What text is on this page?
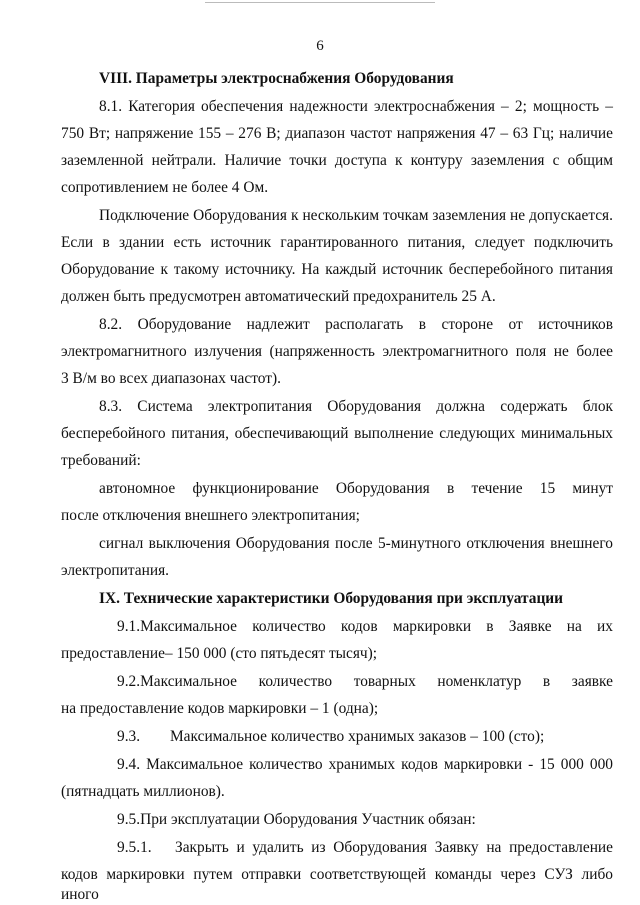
6
VIII. Параметры электроснабжения Оборудования
8.1. Категория обеспечения надежности электроснабжения – 2; мощность –
750 Вт; напряжение 155 – 276 В; диапазон частот напряжения 47 – 63 Гц; наличие
заземленной нейтрали. Наличие точки доступа к контуру заземления с общим
сопротивлением не более 4 Ом.
Подключение Оборудования к нескольким точкам заземления не допускается.
Если в здании есть источник гарантированного питания, следует подключить
Оборудование к такому источнику. На каждый источник бесперебойного питания
должен быть предусмотрен автоматический предохранитель 25 А.
8.2. Оборудование надлежит располагать в стороне от источников
электромагнитного излучения (напряженность электромагнитного поля не более
3 В/м во всех диапазонах частот).
8.3. Система электропитания Оборудования должна содержать блок
бесперебойного питания, обеспечивающий выполнение следующих минимальных
требований:
автономное функционирование Оборудования в течение 15 минут
после отключения внешнего электропитания;
сигнал выключения Оборудования после 5-минутного отключения внешнего
электропитания.
IX. Технические характеристики Оборудования при эксплуатации
9.1.Максимальное количество кодов маркировки в Заявке на их
предоставление– 150 000 (сто пятьдесят тысяч);
9.2.Максимальное количество товарных номенклатур в заявке
на предоставление кодов маркировки – 1 (одна);
9.3. Максимальное количество хранимых заказов – 100 (сто);
9.4. Максимальное количество хранимых кодов маркировки - 15 000 000
(пятнадцать миллионов).
9.5.При эксплуатации Оборудования Участник обязан:
9.5.1. Закрыть и удалить из Оборудования Заявку на предоставление
кодов маркировки путем отправки соответствующей команды через СУЗ либо иного
